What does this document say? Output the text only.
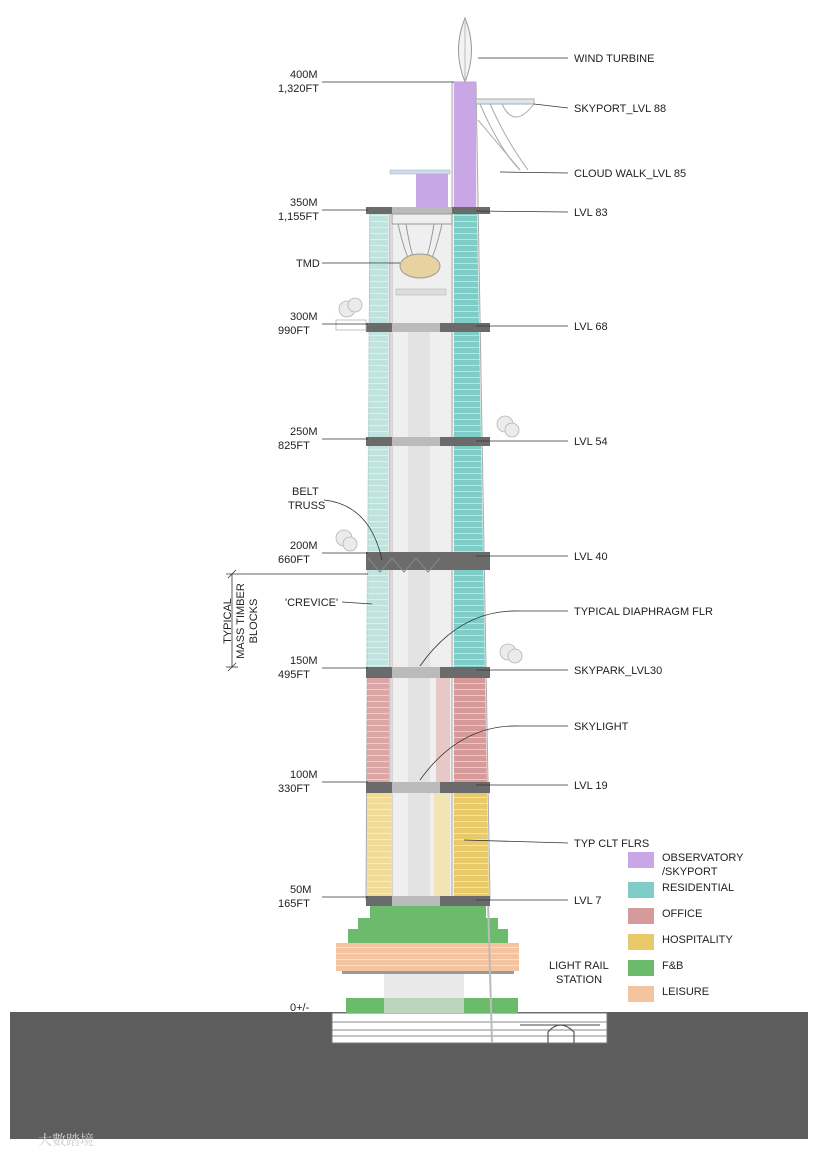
400M
1,320FT
350M
1,155FT
300M
990FT
250M
825FT
200M
660FT
150M
495FT
100M
330FT
50M
165FT
0+/-
WIND TURBINE
SKYPORT_LVL 88
CLOUD WALK_LVL 85
LVL 83
LVL 68
LVL 54
LVL 40
TYPICAL DIAPHRAGM FLR
SKYPARK_LVL30
SKYLIGHT
LVL 19
TYP CLT FLRS
LVL 7
TMD
BELT
TRUSS
'CREVICE'
TYPICAL MASS TIMBER BLOCKS
LIGHT RAIL
STATION
OBSERVATORY
/SKYPORT
RESIDENTIAL
OFFICE
HOSPITALITY
F&B
LEISURE
大數踏境
